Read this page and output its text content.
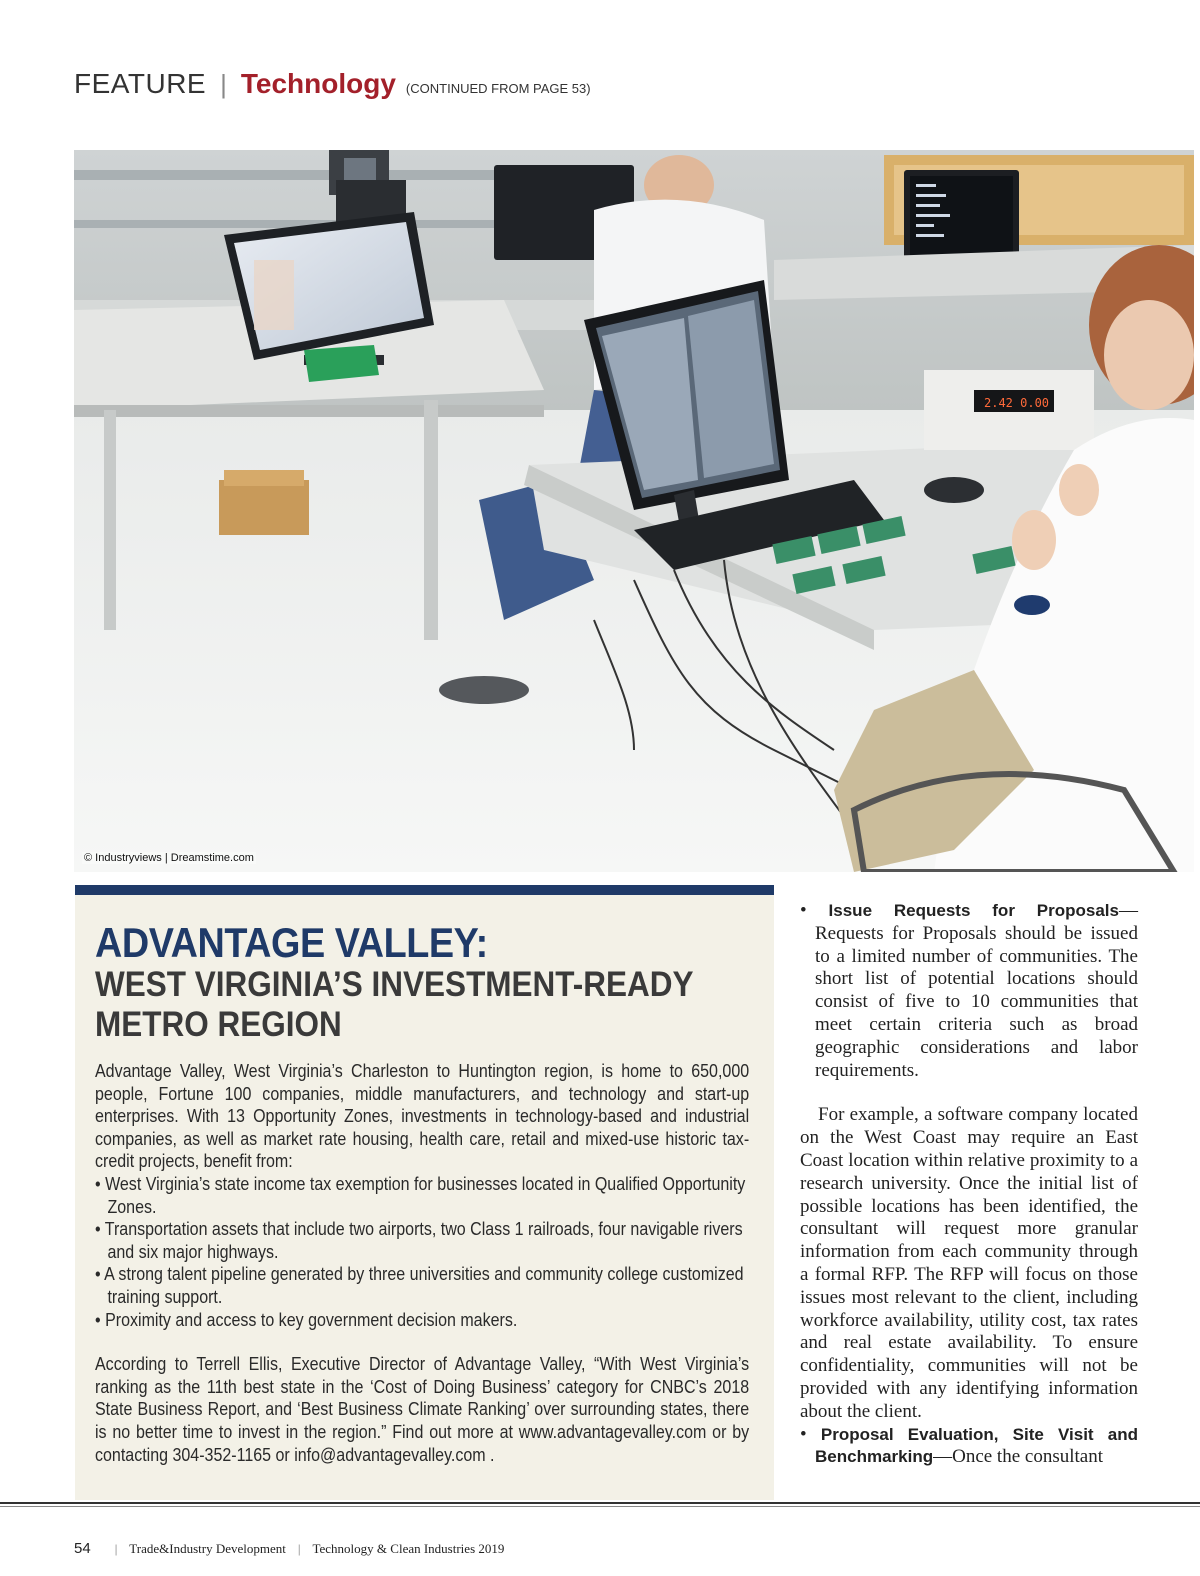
FEATURE | Technology (CONTINUED FROM PAGE 53)
2.42 0.00
© Industryviews | Dreamstime.com
ADVANTAGE VALLEY:
WEST VIRGINIA’S INVESTMENT-READY METRO REGION

Advantage Valley, West Virginia’s Charleston to Huntington region, is home to 650,000 people, Fortune 100 companies, middle manufacturers, and technology and start-up enterprises. With 13 Opportunity Zones, investments in technology-based and industrial companies, as well as market rate housing, health care, retail and mixed-use historic tax-credit projects, benefit from:

• West Virginia’s state income tax exemption for businesses located in Qualified Opportunity Zones.
• Transportation assets that include two airports, two Class 1 railroads, four navigable rivers and six major highways.
• A strong talent pipeline generated by three universities and community college customized training support.
• Proximity and access to key government decision makers.

According to Terrell Ellis, Executive Director of Advantage Valley, “With West Virginia’s ranking as the 11th best state in the ‘Cost of Doing Business’ category for CNBC’s 2018 State Business Report, and ‘Best Business Climate Ranking’ over surrounding states, there is no better time to invest in the region.” Find out more at www.advantagevalley.com or by contacting 304-352-1165 or info@advantagevalley.com .

• Issue Requests for Proposals—Requests for Proposals should be issued to a limited number of communities. The short list of potential locations should consist of five to 10 communities that meet certain criteria such as broad geographic considerations and labor requirements.

For example, a software company located on the West Coast may require an East Coast location within relative proximity to a research university. Once the initial list of possible locations has been identified, the consultant will request more granular information from each community through a formal RFP. The RFP will focus on those issues most relevant to the client, including workforce availability, utility cost, tax rates and real estate availability. To ensure confidentiality, communities will not be provided with any identifying information about the client.

• Proposal Evaluation, Site Visit and Benchmarking—Once the consultant

54 | Trade&Industry Development | Technology & Clean Industries 2019
